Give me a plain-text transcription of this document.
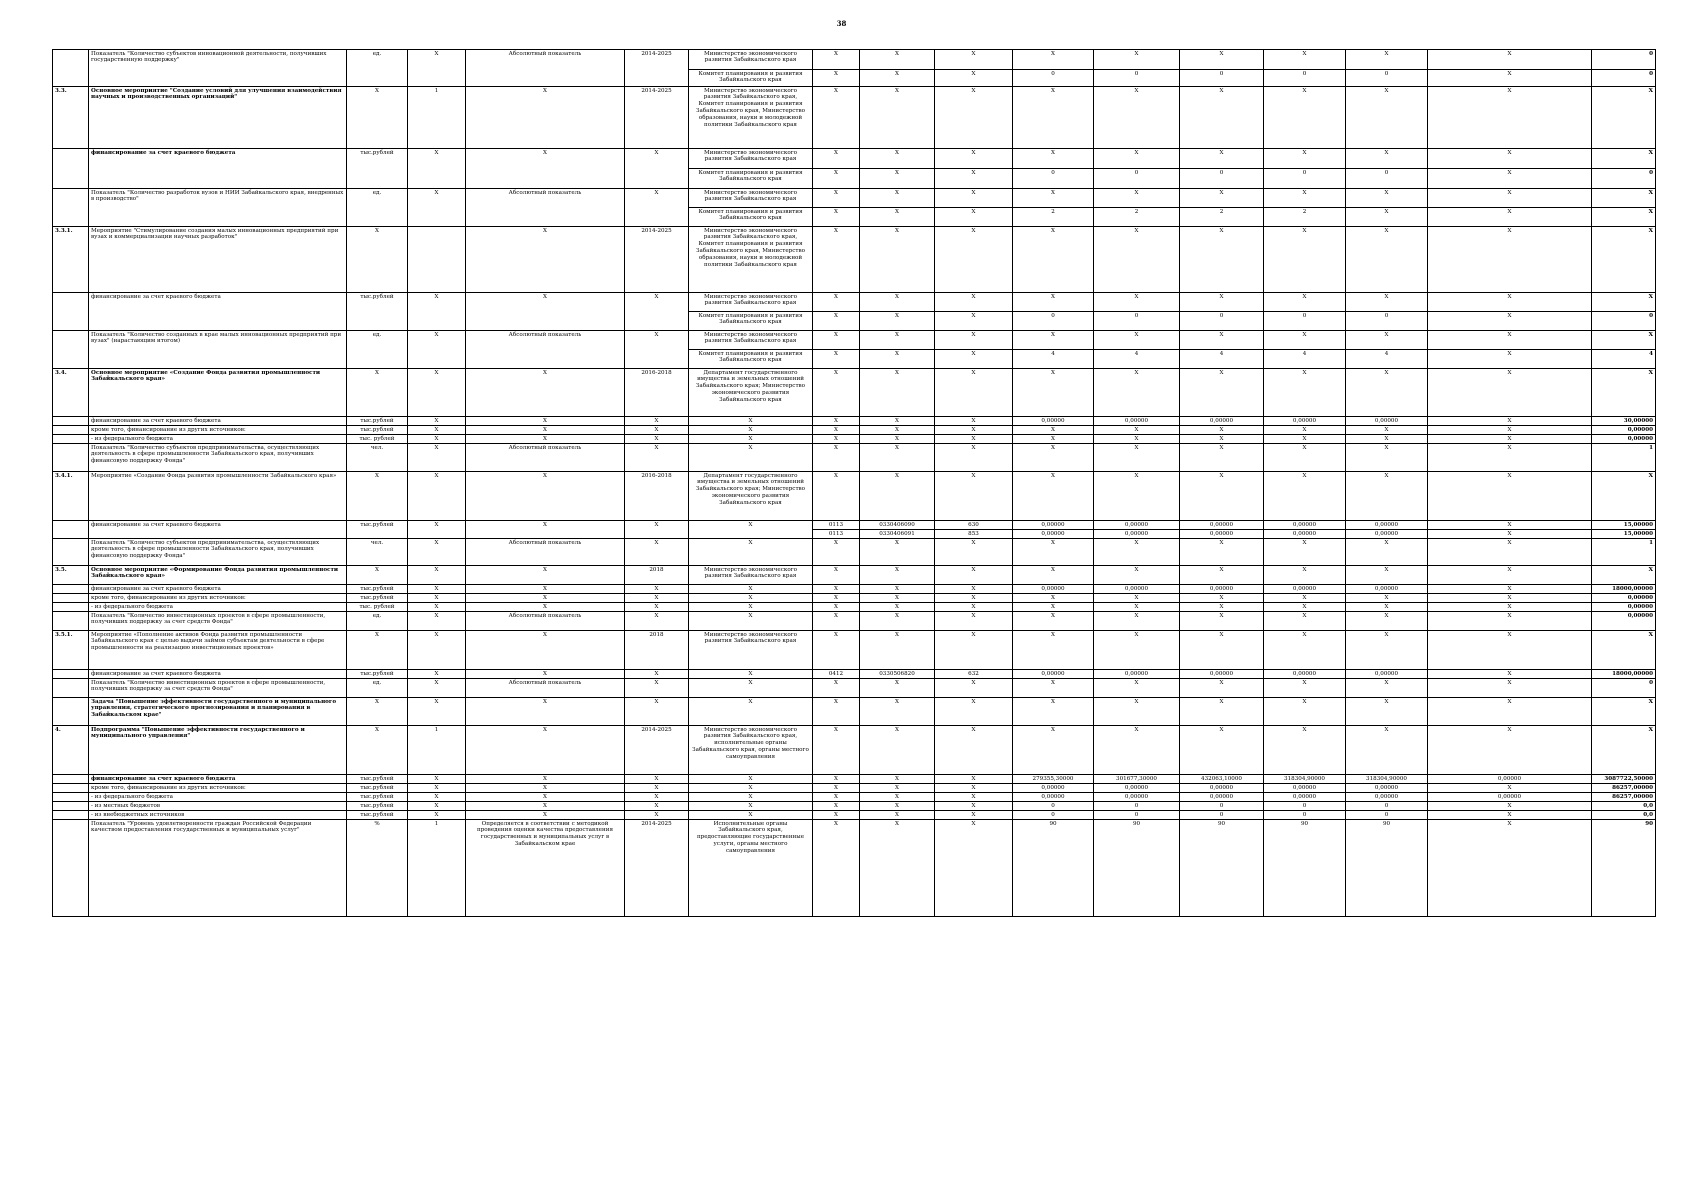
38
	Показатель "Количество субъектов инновационной деятельности, получивших государственную поддержку"	ед.	X	Абсолютный показатель	2014-2025	Министерство экономического развития Забайкальского края	X	X	X	X	X	X	X	X	X	0
						Комитет планирования и развития Забайкальского края	X	X	X	0	0	0	0	0	X	0
3.3.	Основное мероприятие "Создание условий для улучшения взаимодействия научных и производственных организаций"	X	1	X	2014-2025	Министерство экономического развития Забайкальского края, Комитет планирования и развития Забайкальского края, Министерство образования, науки и молодежной политики Забайкальского края	X	X	X	X	X	X	X	X	X	X
	финансирование за счет краевого бюджета	тыс.рублей	X	X	X	Министерство экономического развития Забайкальского края	X	X	X	X	X	X	X	X	X	X
						Комитет планирования и развития Забайкальского края	X	X	X	0	0	0	0	0	X	0
	Показатель "Количество разработок вузов и НИИ Забайкальского края, внедренных в производство"	ед.	X	Абсолютный показатель	X	Министерство экономического развития Забайкальского края	X	X	X	X	X	X	X	X	X	X
						Комитет планирования и развития Забайкальского края	X	X	X	2	2	2	2	X	X	X
3.3.1.	Мероприятие "Стимулирование создания малых инновационных предприятий при вузах и коммерциализации научных разработок"	X		X	2014-2025	Министерство экономического развития Забайкальского края, Комитет планирования и развития Забайкальского края, Министерство образования, науки и молодежной политики Забайкальского края	X	X	X	X	X	X	X	X	X	X
	финансирование за счет краевого бюджета	тыс.рублей	X	X	X	Министерство экономического развития Забайкальского края	X	X	X	X	X	X	X	X	X	X
						Комитет планирования и развития Забайкальского края	X	X	X	0	0	0	0	0	X	0
	Показатель "Количество созданных в крае малых инновационных предприятий при вузах" (нарастающим итогом)	ед.	X	Абсолютный показатель	X	Министерство экономического развития Забайкальского края	X	X	X	X	X	X	X	X	X	X
						Комитет планирования и развития Забайкальского края	X	X	X	4	4	4	4	4	X	4
3.4.	Основное мероприятие «Создание Фонда развития промышленности Забайкальского края»	X	X	X	2016-2018	Департамент государственного имущества и земельных отношений Забайкальского края; Министерство экономического развития Забайкальского края	X	X	X	X	X	X	X	X	X	X
	финансирование за счет краевого бюджета	тыс.рублей	X	X	X	X	X	X	X	0,00000	0,00000	0,00000	0,00000	0,00000	X	30,00000
	кроме того, финансирование из других источников:	тыс.рублей	X	X	X	X	X	X	X	X	X	X	X	X	X	0,00000
	- из федерального бюджета	тыс. рублей	X	X	X	X	X	X	X	X	X	X	X	X	X	0,00000
	Показатель "Количество субъектов предпринимательства, осуществляющих деятельность в сфере промышленности Забайкальского края, получивших финансовую поддержку Фонда"	чел.	X	Абсолютный показатель	X	X	X	X	X	X	X	X	X	X	X	1
3.4.1.	Мероприятие «Создание Фонда развития промышленности Забайкальского края»	X	X	X	2016-2018	Департамент государственного имущества и земельных отношений Забайкальского края; Министерство экономического развития Забайкальского края	X	X	X	X	X	X	X	X	X	X
	финансирование за счет краевого бюджета	тыс.рублей	X	X	X	X	0113	0330406090	630	0,00000	0,00000	0,00000	0,00000	0,00000	X	15,00000
							0113	0330406091	853	0,00000	0,00000	0,00000	0,00000	0,00000	X	15,00000
	Показатель "Количество субъектов предпринимательства, осуществляющих деятельность в сфере промышленности Забайкальского края, получивших финансовую поддержку Фонда"	чел.	X	Абсолютный показатель	X	X	X	X	X	X	X	X	X	X	X	1
3.5.	Основное мероприятие «Формирование Фонда развития промышленности Забайкальского края»	X	X	X	2018	Министерство экономического развития Забайкальского края	X	X	X	X	X	X	X	X	X	X
	финансирование за счет краевого бюджета	тыс.рублей	X	X	X	X	X	X	X	0,00000	0,00000	0,00000	0,00000	0,00000	X	18000,00000
	кроме того, финансирование из других источников:	тыс.рублей	X	X	X	X	X	X	X	X	X	X	X	X	X	0,00000
	- из федерального бюджета	тыс. рублей	X	X	X	X	X	X	X	X	X	X	X	X	X	0,00000
	Показатель "Количество инвестиционных проектов в сфере промышленности, получивших поддержку за счет средств Фонда"	ед.	X	Абсолютный показатель	X	X	X	X	X	X	X	X	X	X	X	0,00000
3.5.1.	Мероприятие «Пополнение активов Фонда развития промышленности Забайкальского края с целью выдачи займов субъектам деятельности в сфере промышленности на реализацию инвестиционных проектов»	X	X	X	2018	Министерство экономического развития Забайкальского края	X	X	X	X	X	X	X	X	X	X
	финансирование за счет краевого бюджета	тыс.рублей	X	X	X	X	0412	0330506820	632	0,00000	0,00000	0,00000	0,00000	0,00000	X	18000,00000
	Показатель "Количество инвестиционных проектов в сфере промышленности, получивших поддержку за счет средств Фонда"	ед.	X	Абсолютный показатель	X	X	X	X	X	X	X	X	X	X	X	0
	Задача "Повышение эффективности государственного и муниципального управления, стратегического прогнозирования и планирования в Забайкальском крае"	X	X	X	X	X	X	X	X	X	X	X	X	X	X	X
4.	Подпрограмма "Повышение эффективности государственного и муниципального управления"	X	1	X	2014-2025	Министерство экономического развития Забайкальского края, исполнительные органы Забайкальского края, органы местного самоуправления	X	X	X	X	X	X	X	X	X	X
	финансирование за счет краевого бюджета	тыс.рублей	X	X	X	X	X	X	X	279355,30000	301677,30000	432063,10000	318304,90000	318304,90000	0,00000	3087722,50000
	кроме того, финансирование из других источников:	тыс.рублей	X	X	X	X	X	X	X	0,00000	0,00000	0,00000	0,00000	0,00000	X	86257,00000
	- из федерального бюджета	тыс.рублей	X	X	X	X	X	X	X	0,00000	0,00000	0,00000	0,00000	0,00000	0,00000	86257,00000
	- из местных бюджетов	тыс.рублей	X	X	X	X	X	X	X	0	0	0	0	0	X	0,0
	- из внебюджетных источников	тыс.рублей	X	X	X	X	X	X	X	0	0	0	0	0	X	0,0
	Показатель "Уровень удовлетворенности граждан Российской Федерации качеством предоставления государственных и муниципальных услуг"	%	1	Определяется в соответствии с методикой проведения оценки качества предоставления государственных и муниципальных услуг в Забайкальском крае	2014-2025	Исполнительные органы Забайкальского края, предоставляющие государственные услуги, органы местного самоуправления	X	X	X	90	90	90	90	90	X	90
